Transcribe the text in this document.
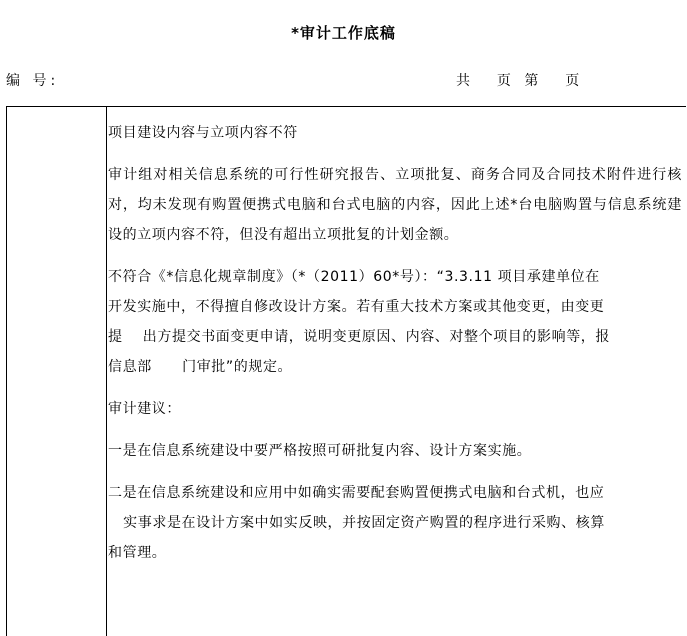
*审计工作底稿
编 号:	共  页 第  页

项目建设内容与立项内容不符

审计组对相关信息系统的可行性研究报告、立项批复、商务合同及合同技术附件进行核对，均未发现有购置便携式电脑和台式电脑的内容，因此上述*台电脑购置与信息系统建设的立项内容不符，但没有超出立项批复的计划金额。

不符合《*信息化规章制度》（*（2011）60*号）：“3.3.11 项目承建单位在
开发实施中，不得擅自修改设计方案。若有重大技术方案或其他变更，由变更
提    出方提交书面变更申请，说明变更原因、内容、对整个项目的影响等，报
信息部      门审批”的规定。

审计建议：

一是在信息系统建设中要严格按照可研批复内容、设计方案实施。

二是在信息系统建设和应用中如确实需要配套购置便携式电脑和台式机，也应
实事求是在设计方案中如实反映，并按固定资产购置的程序进行采购、核算
和管理。
